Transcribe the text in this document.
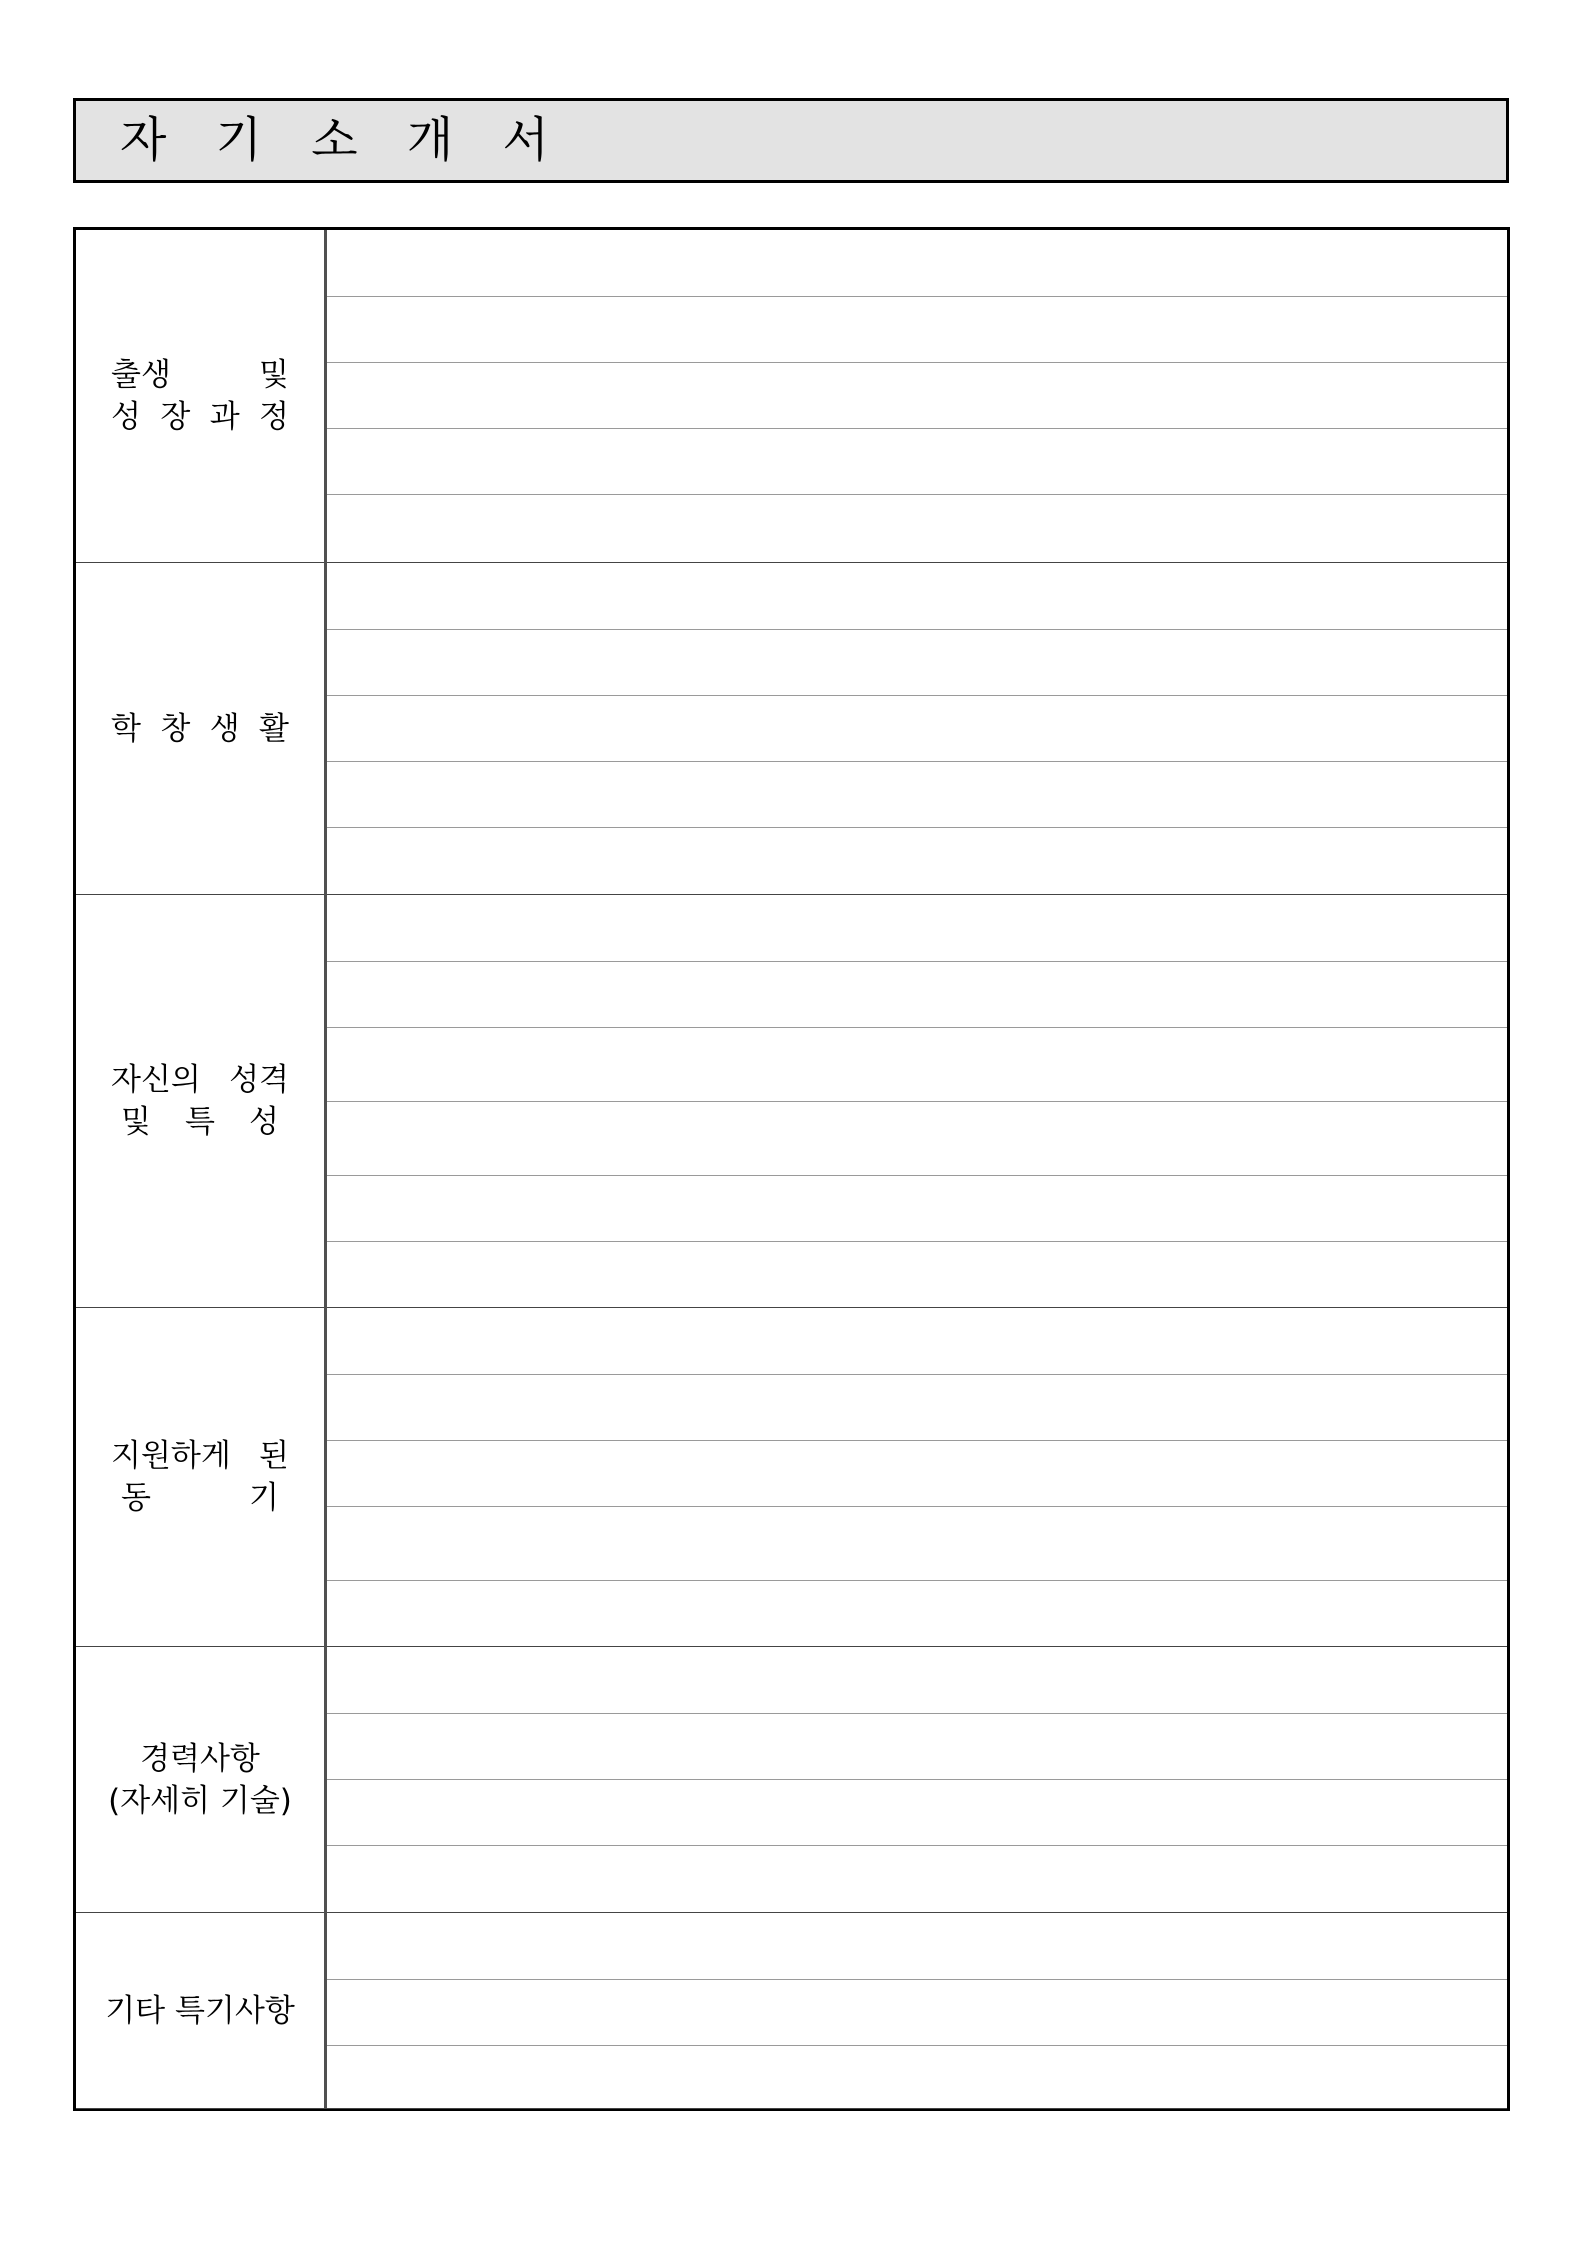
자 기 소 개 서
출생	및
성 장 과 정
학 창 생 활
자신의 성격
및 특 성
지원하게 된
동	기
경력사항
(자세히 기술)
기타 특기사항
